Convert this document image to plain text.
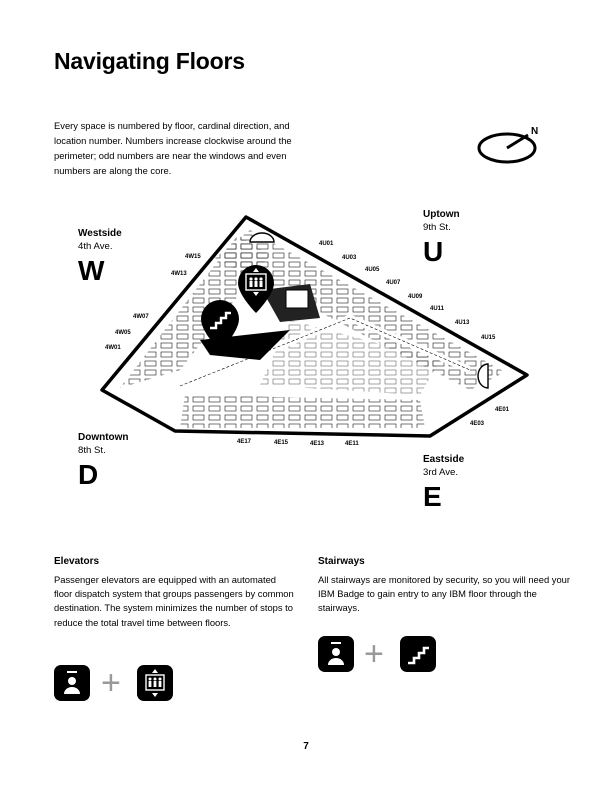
Navigating Floors
Every space is numbered by floor, cardinal direction, and location number. Numbers increase clockwise around the perimeter; odd numbers are near the windows and even numbers are along the core.
N
Westside
4th Ave.
W
Uptown
9th St.
U
Downtown
8th St.
D	Eastside
3rd Ave.
E
4W15
4W13
4W07
4W05
4W01
4U01
4U03
4U05
4U07
4U09
4U11
4U13
4U15
4E01
4E03
4E17	4E15	4E13	4E11
Elevators
Passenger elevators are equipped with an automated floor dispatch system that groups passengers by common destination. The system minimizes the number of stops to reduce the total travel time between floors.
+
Stairways
All stairways are monitored by security, so you will need your IBM Badge to gain entry to any IBM floor through the stairways.
+
7
